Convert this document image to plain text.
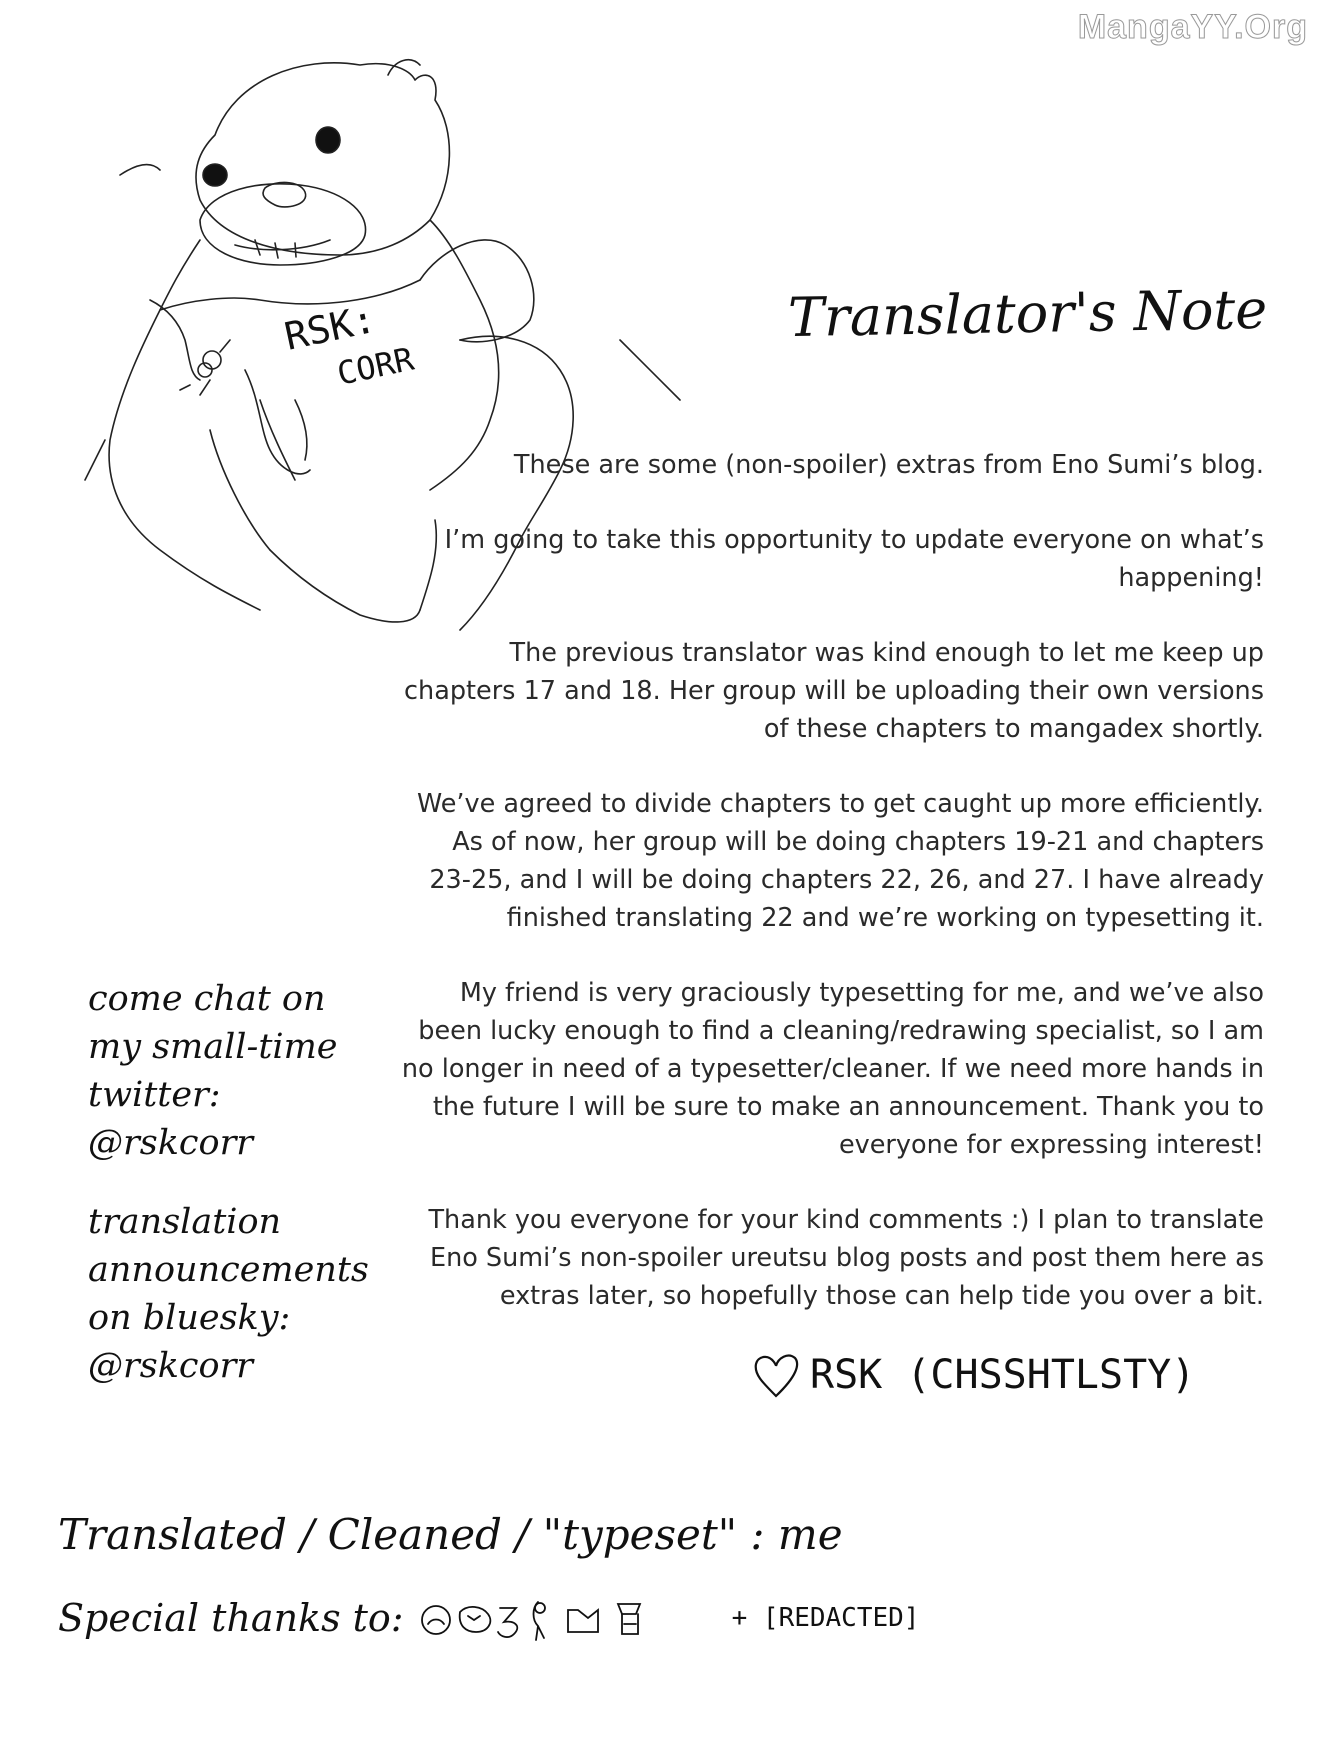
MangaYY.Org
RSK:
CORR
Translator's Note

These are some (non-spoiler) extras from Eno Sumi’s blog.

I’m going to take this opportunity to update everyone on what’s
happening!

The previous translator was kind enough to let me keep up
chapters 17 and 18. Her group will be uploading their own versions
of these chapters to mangadex shortly.

We’ve agreed to divide chapters to get caught up more efficiently.
As of now, her group will be doing chapters 19-21 and chapters
23-25, and I will be doing chapters 22, 26, and 27. I have already
finished translating 22 and we’re working on typesetting it.

My friend is very graciously typesetting for me, and we’ve also
been lucky enough to find a cleaning/redrawing specialist, so I am
no longer in need of a typesetter/cleaner. If we need more hands in
the future I will be sure to make an announcement. Thank you to
everyone for expressing interest!

Thank you everyone for your kind comments :) I plan to translate
Eno Sumi’s non-spoiler ureutsu blog posts and post them here as
extras later, so hopefully those can help tide you over a bit.

RSK (CHSSHTLSTY)
come chat on
my small-time
twitter:
@rskcorr
translation
announcements
on bluesky:
@rskcorr
Translated / Cleaned / "typeset" : me
Special thanks to:	+ [REDACTED]
